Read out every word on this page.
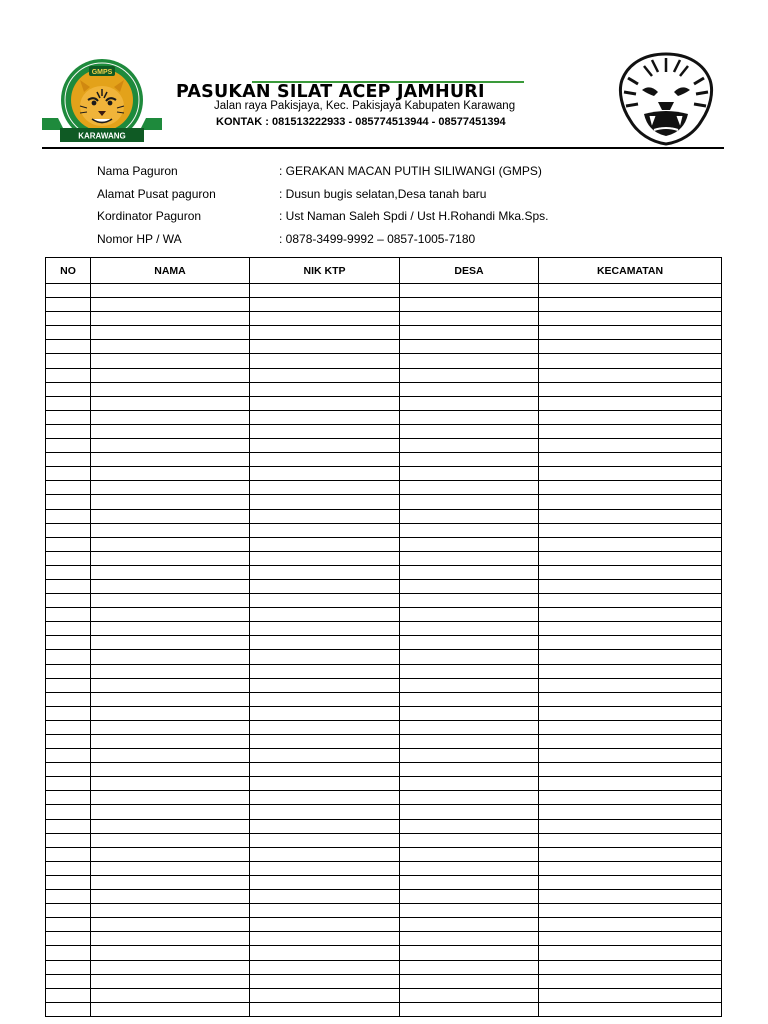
GMPS
KARAWANG
PASUKAN SILAT ACEP JAMHURI
Jalan raya Pakisjaya, Kec. Pakisjaya Kabupaten Karawang
KONTAK : 081513222933 - 085774513944 - 08577451394
Nama Paguron	: GERAKAN MACAN PUTIH SILIWANGI (GMPS)
Alamat Pusat paguron	: Dusun bugis selatan,Desa tanah baru
Kordinator Paguron	: Ust Naman Saleh Spdi / Ust H.Rohandi Mka.Sps.
Nomor HP / WA	: 0878-3499-9992 – 0857-1005-7180
NO	NAMA	NIK KTP	DESA	KECAMATAN
